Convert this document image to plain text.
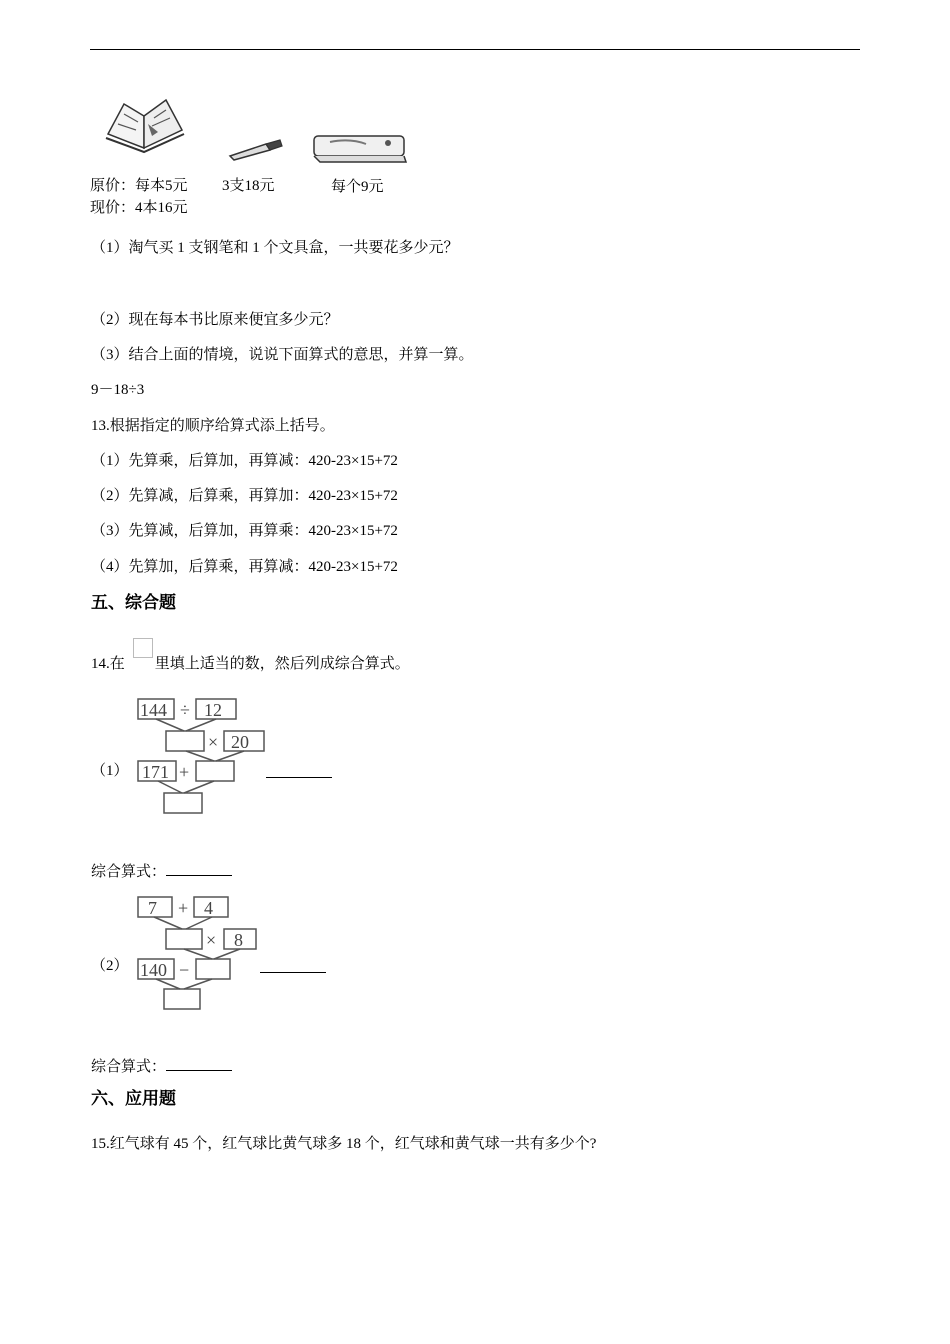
原价：每本5元
现价：4本16元
3支18元	每个9元
（1）淘气买 1 支钢笔和 1 个文具盒，一共要花多少元？
（2）现在每本书比原来便宜多少元？
（3）结合上面的情境，说说下面算式的意思，并算一算。
9－18÷3
13.根据指定的顺序给算式添上括号。
（1）先算乘，后算加，再算减：420-23×15+72
（2）先算减，后算乘，再算加：420-23×15+72
（3）先算减，后算加，再算乘：420-23×15+72
（4）先算加，后算乘，再算减：420-23×15+72
五、综合题
14.在 里填上适当的数，然后列成综合算式。
（1）
144 ÷ 12
× 20
171 +
综合算式：
（2）
7 + 4
× 8
140 −
综合算式：
六、应用题
15.红气球有 45 个，红气球比黄气球多 18 个，红气球和黄气球一共有多少个?
